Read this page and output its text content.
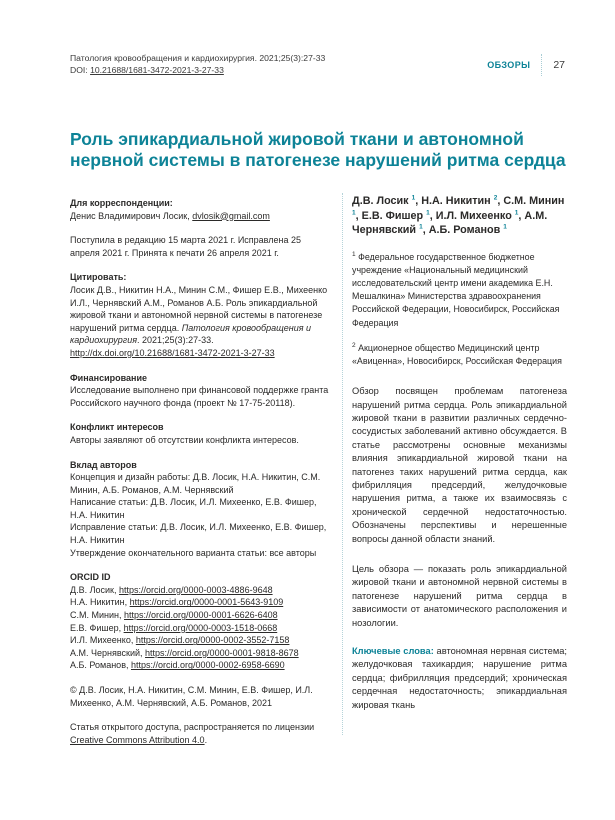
Патология кровообращения и кардиохирургия. 2021;25(3):27-33
DOI: 10.21688/1681-3472-2021-3-27-33	ОБЗОРЫ 27
Роль эпикардиальной жировой ткани и автономной
нервной системы в патогенезе нарушений ритма сердца
Для корреспонденции:
Денис Владимирович Лосик, dvlosik@gmail.com
Поступила в редакцию 15 марта 2021 г. Исправлена 25 апреля 2021 г. Принята к печати 26 апреля 2021 г.
Цитировать:
Лосик Д.В., Никитин Н.А., Минин С.М., Фишер Е.В., Михеенко И.Л., Чернявский А.М., Романов А.Б. Роль эпикардиальной жировой ткани и автономной нервной системы в патогенезе нарушений ритма сердца. Патология кровообращения и кардиохирургия. 2021;25(3):27-33.
http://dx.doi.org/10.21688/1681-3472-2021-3-27-33
Финансирование
Исследование выполнено при финансовой поддержке гранта Российского научного фонда (проект № 17-75-20118).
Конфликт интересов
Авторы заявляют об отсутствии конфликта интересов.
Вклад авторов
Концепция и дизайн работы: Д.В. Лосик, Н.А. Никитин, С.М. Минин, А.Б. Романов, А.М. Чернявский
Написание статьи: Д.В. Лосик, И.Л. Михеенко, Е.В. Фишер, Н.А. Никитин
Исправление статьи: Д.В. Лосик, И.Л. Михеенко, Е.В. Фишер, Н.А. Никитин
Утверждение окончательного варианта статьи: все авторы
ORCID ID
Д.В. Лосик, https://orcid.org/0000-0003-4886-9648
Н.А. Никитин, https://orcid.org/0000-0001-5643-9109
С.М. Минин, https://orcid.org/0000-0001-6626-6408
Е.В. Фишер, https://orcid.org/0000-0003-1518-0668
И.Л. Михеенко, https://orcid.org/0000-0002-3552-7158
А.М. Чернявский, https://orcid.org/0000-0001-9818-8678
А.Б. Романов, https://orcid.org/0000-0002-6958-6690
© Д.В. Лосик, Н.А. Никитин, С.М. Минин, Е.В. Фишер, И.Л. Михеенко, А.М. Чернявский, А.Б. Романов, 2021
Статья открытого доступа, распространяется по лицензии Creative Commons Attribution 4.0.
Д.В. Лосик $^1$, Н.А. Никитин $^2$, С.М. Минин $^1$, Е.В. Фишер $^1$, И.Л. Михеенко $^1$, А.М. Чернявский $^1$, А.Б. Романов $^1$
$^1$ Федеральное государственное бюджетное учреждение «Национальный медицинский исследовательский центр имени академика Е.Н. Мешалкина» Министерства здравоохранения Российской Федерации, Новосибирск, Российская Федерация
$^2$ Акционерное общество Медицинский центр «Авиценна», Новосибирск, Российская Федерация
Обзор посвящен проблемам патогенеза нарушений ритма сердца. Роль эпикардиальной жировой ткани в развитии различных сердечно-сосудистых заболеваний активно обсуждается. В статье рассмотрены основные механизмы влияния эпикардиальной жировой ткани на патогенез таких нарушений ритма сердца, как фибрилляция предсердий, желудочковые нарушения ритма, а также их взаимосвязь с хронической сердечной недостаточностью. Обозначены перспективы и нерешенные вопросы данной области знаний.
Цель обзора — показать роль эпикардиальной жировой ткани и автономной нервной системы в патогенезе нарушений ритма сердца в зависимости от анатомического расположения и нозологии.
Ключевые слова: автономная нервная система; желудочковая тахикардия; нарушение ритма сердца; фибрилляция предсердий; хроническая сердечная недостаточность; эпикардиальная жировая ткань
